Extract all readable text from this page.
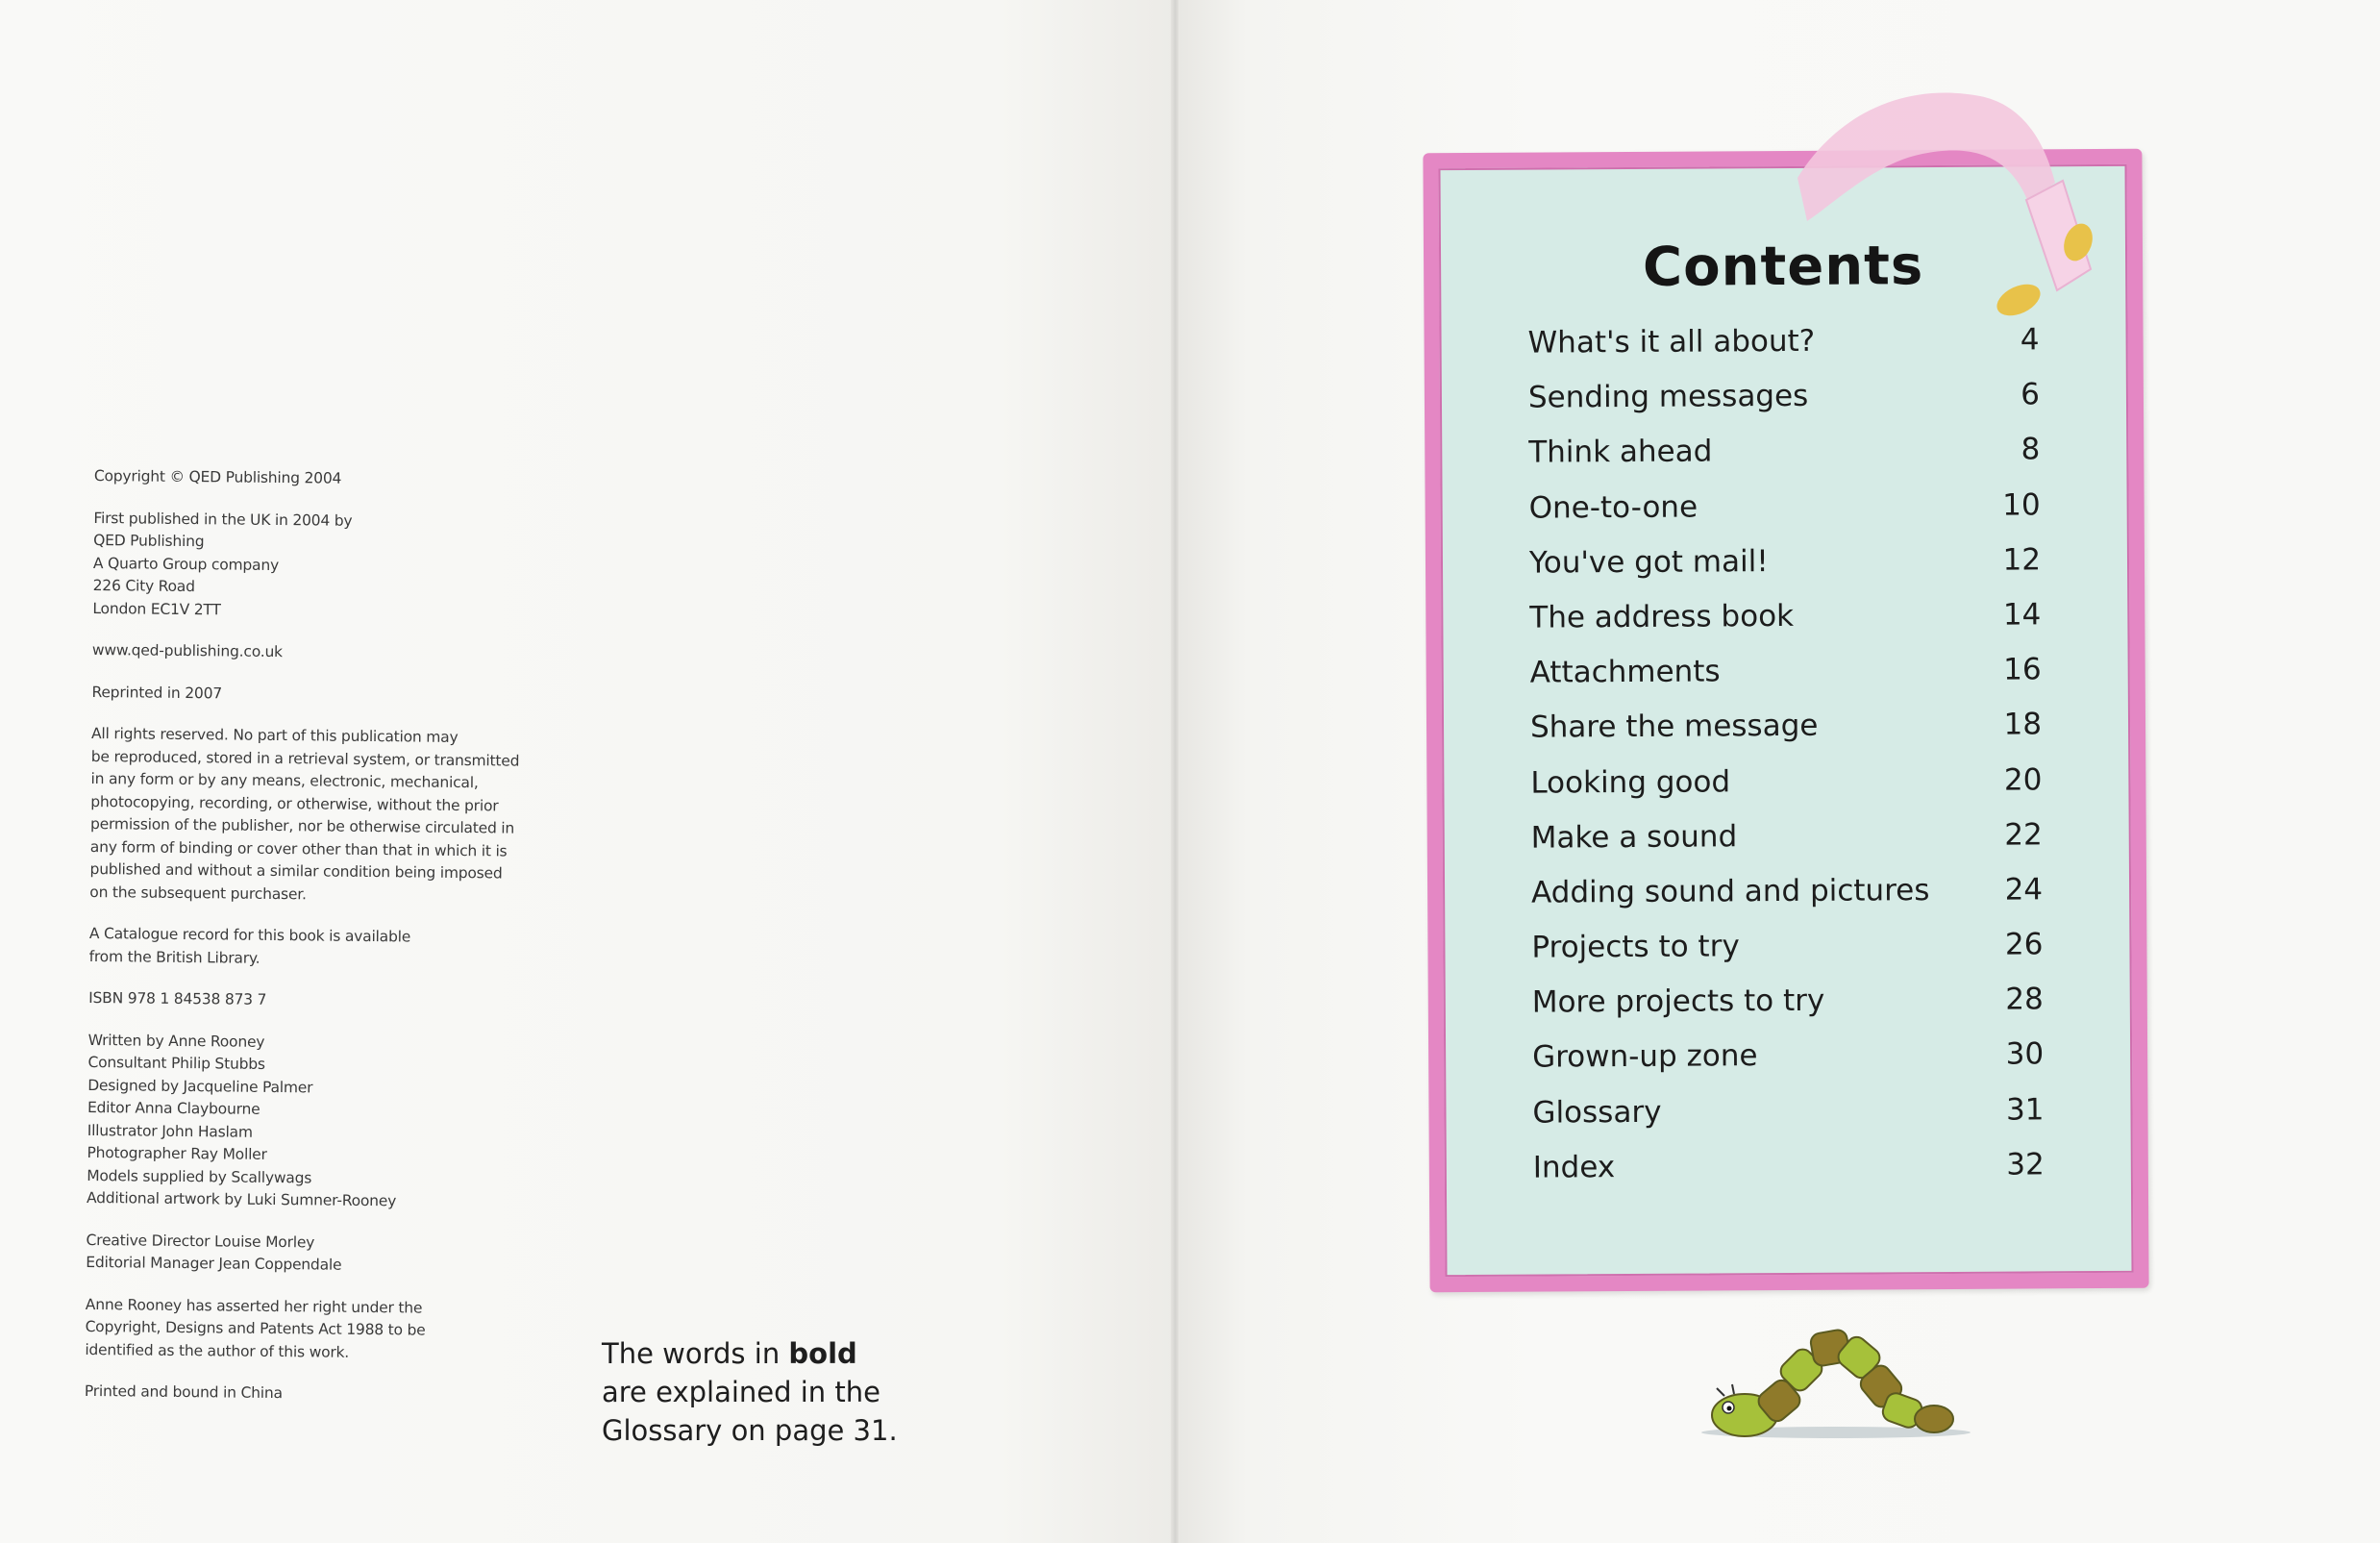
Copyright © QED Publishing 2004
First published in the UK in 2004 by
QED Publishing
A Quarto Group company
226 City Road
London EC1V 2TT
www.qed-publishing.co.uk
Reprinted in 2007
All rights reserved. No part of this publication may
be reproduced, stored in a retrieval system, or transmitted
in any form or by any means, electronic, mechanical,
photocopying, recording, or otherwise, without the prior
permission of the publisher, nor be otherwise circulated in
any form of binding or cover other than that in which it is
published and without a similar condition being imposed
on the subsequent purchaser.
A Catalogue record for this book is available
from the British Library.
ISBN 978 1 84538 873 7
Written by Anne Rooney
Consultant Philip Stubbs
Designed by Jacqueline Palmer
Editor Anna Claybourne
Illustrator John Haslam
Photographer Ray Moller
Models supplied by Scallywags
Additional artwork by Luki Sumner-Rooney
Creative Director Louise Morley
Editorial Manager Jean Coppendale
Anne Rooney has asserted her right under the
Copyright, Designs and Patents Act 1988 to be
identified as the author of this work.
Printed and bound in China
The words in bold
are explained in the
Glossary on page 31.
Contents
What's it all about?	4
Sending messages	6
Think ahead	8
One-to-one	10
You've got mail!	12
The address book	14
Attachments	16
Share the message	18
Looking good	20
Make a sound	22
Adding sound and pictures	24
Projects to try	26
More projects to try	28
Grown-up zone	30
Glossary	31
Index	32
